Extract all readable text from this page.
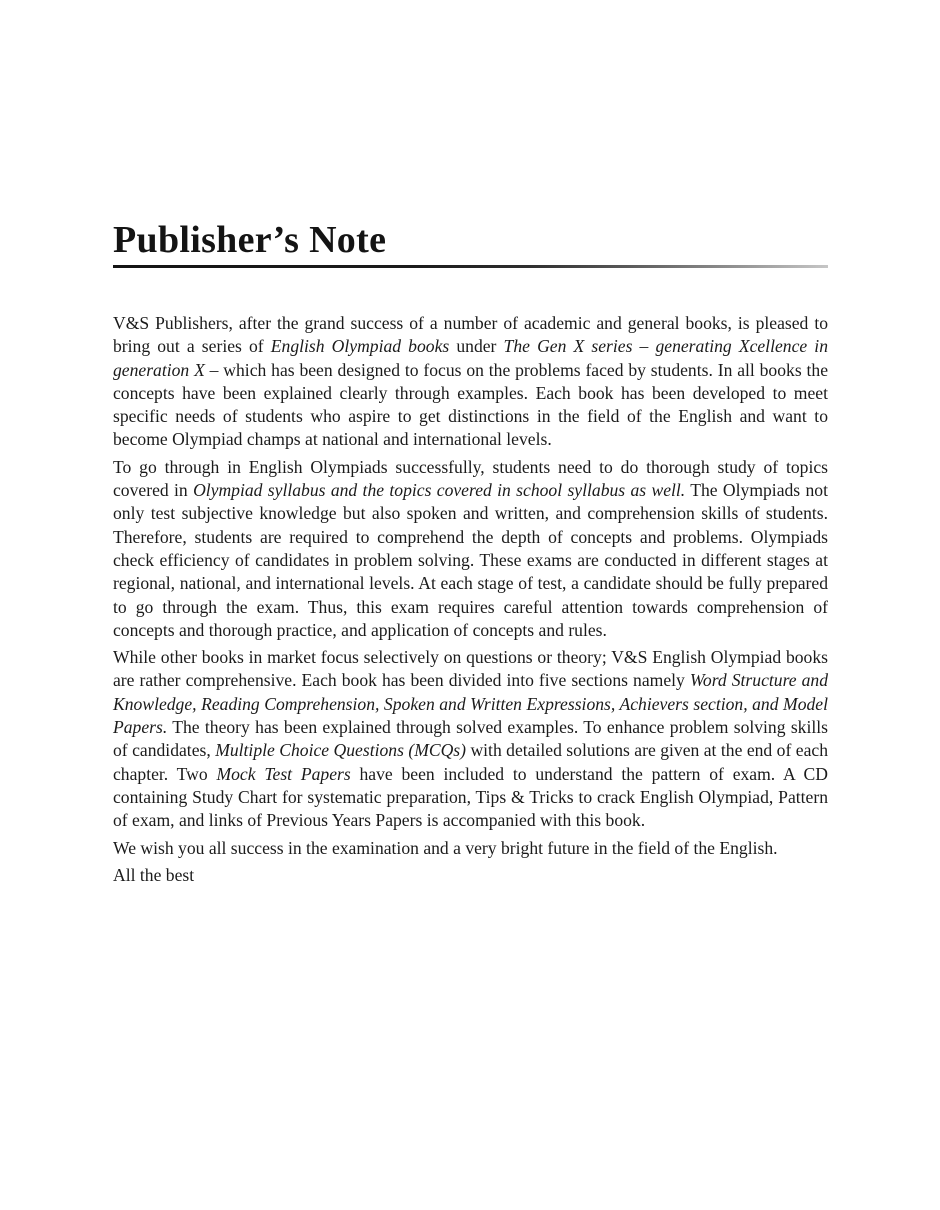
Publisher’s Note

V&S Publishers, after the grand success of a number of academic and general books, is pleased to bring out a series of English Olympiad books under The Gen X series – generating Xcellence in generation X – which has been designed to focus on the problems faced by students. In all books the concepts have been explained clearly through examples. Each book has been developed to meet specific needs of students who aspire to get distinctions in the field of the English and want to become Olympiad champs at national and international levels.

To go through in English Olympiads successfully, students need to do thorough study of topics covered in Olympiad syllabus and the topics covered in school syllabus as well. The Olympiads not only test subjective knowledge but also spoken and written, and comprehension skills of students. Therefore, students are required to comprehend the depth of concepts and problems. Olympiads check efficiency of candidates in problem solving. These exams are conducted in different stages at regional, national, and international levels. At each stage of test, a candidate should be fully prepared to go through the exam. Thus, this exam requires careful attention towards comprehension of concepts and thorough practice, and application of concepts and rules.

While other books in market focus selectively on questions or theory; V&S English Olympiad books are rather comprehensive. Each book has been divided into five sections namely Word Structure and Knowledge, Reading Comprehension, Spoken and Written Expressions, Achievers section, and Model Papers. The theory has been explained through solved examples. To enhance problem solving skills of candidates, Multiple Choice Questions (MCQs) with detailed solutions are given at the end of each chapter. Two Mock Test Papers have been included to understand the pattern of exam. A CD containing Study Chart for systematic preparation, Tips & Tricks to crack English Olympiad, Pattern of exam, and links of Previous Years Papers is accompanied with this book.

We wish you all success in the examination and a very bright future in the field of the English.

All the best
